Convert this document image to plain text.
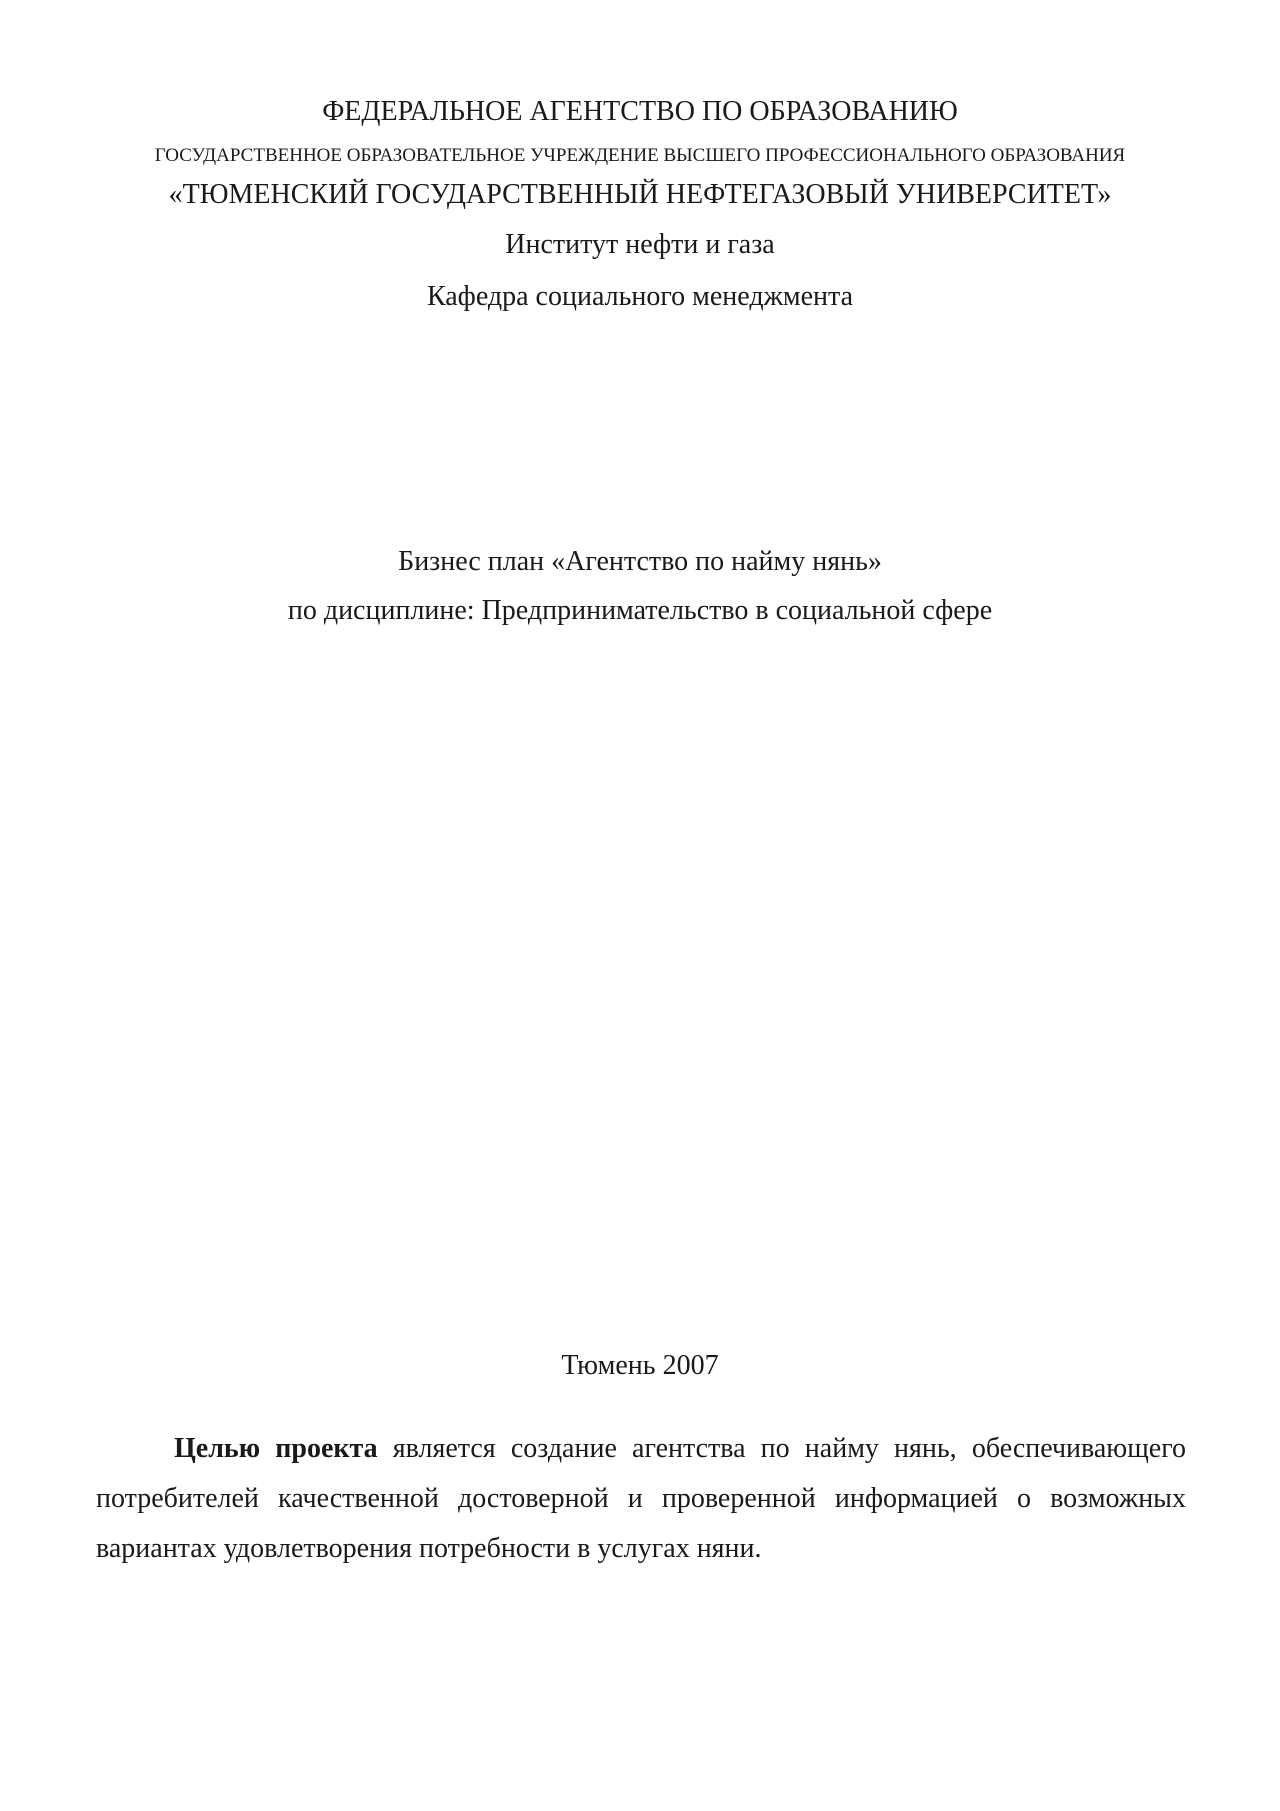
ФЕДЕРАЛЬНОЕ АГЕНТСТВО ПО ОБРАЗОВАНИЮ
ГОСУДАРСТВЕННОЕ ОБРАЗОВАТЕЛЬНОЕ УЧРЕЖДЕНИЕ ВЫСШЕГО ПРОФЕССИОНАЛЬНОГО ОБРАЗОВАНИЯ
«ТЮМЕНСКИЙ ГОСУДАРСТВЕННЫЙ НЕФТЕГАЗОВЫЙ УНИВЕРСИТЕТ»
Институт нефти и газа
Кафедра социального менеджмента
Бизнес план «Агентство по найму нянь»
по дисциплине: Предпринимательство в социальной сфере
Тюмень 2007

Целью проекта является создание агентства по найму нянь, обеспечивающего потребителей качественной достоверной и проверенной информацией о возможных вариантах удовлетворения потребности в услугах няни.
